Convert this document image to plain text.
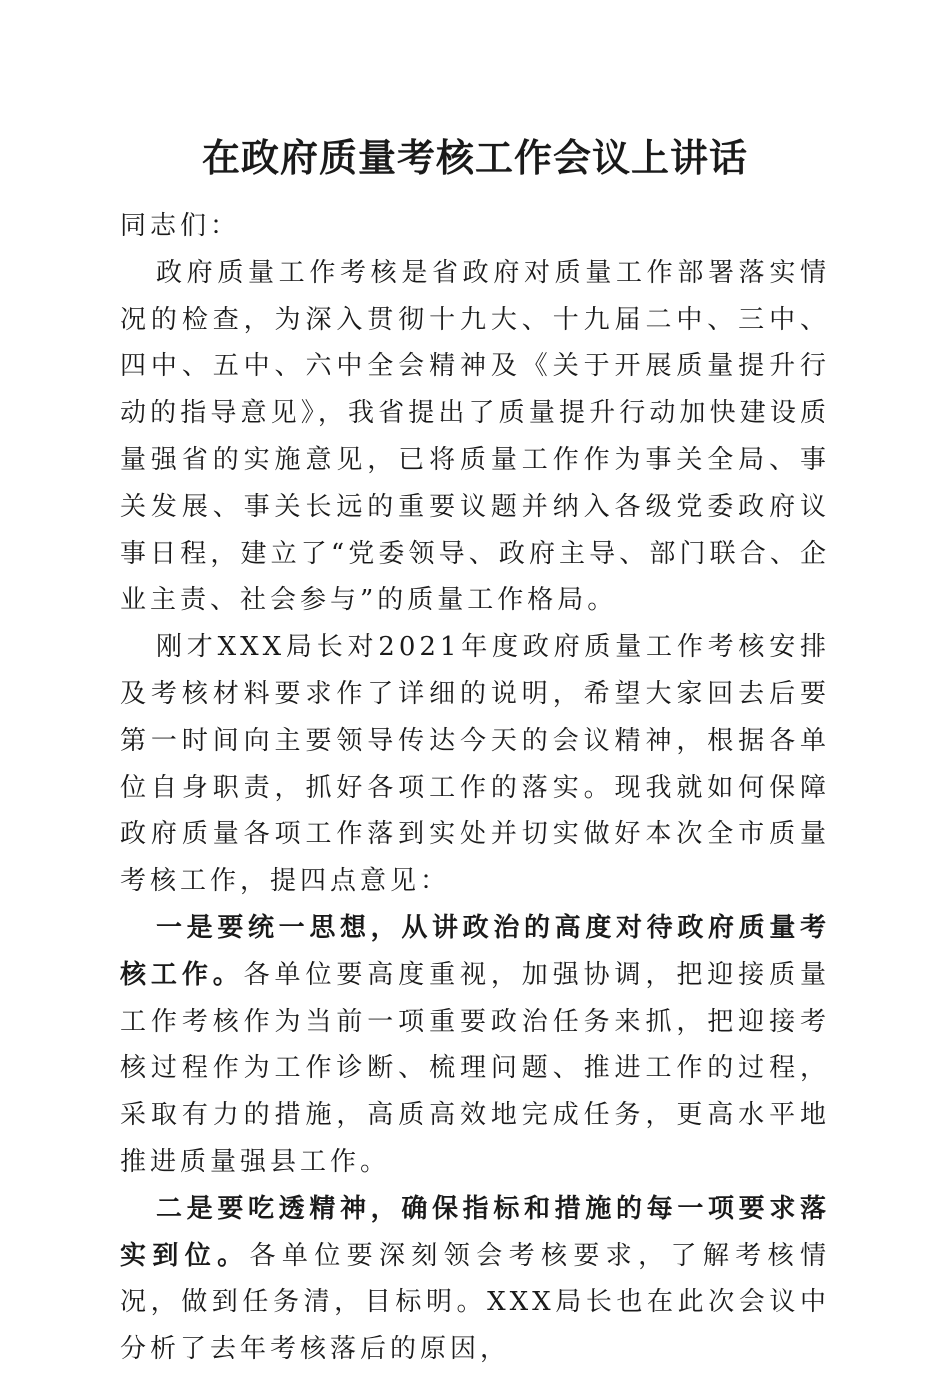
在政府质量考核工作会议上讲话

同志们：

政府质量工作考核是省政府对质量工作部署落实情况的检查，为深入贯彻十九大、十九届二中、三中、四中、五中、六中全会精神及《关于开展质量提升行动的指导意见》，我省提出了质量提升行动加快建设质量强省的实施意见，已将质量工作作为事关全局、事关发展、事关长远的重要议题并纳入各级党委政府议事日程，建立了“党委领导、政府主导、部门联合、企业主责、社会参与”的质量工作格局。

刚才XXX局长对2021年度政府质量工作考核安排及考核材料要求作了详细的说明，希望大家回去后要第一时间向主要领导传达今天的会议精神，根据各单位自身职责，抓好各项工作的落实。现我就如何保障政府质量各项工作落到实处并切实做好本次全市质量考核工作，提四点意见：

一是要统一思想，从讲政治的高度对待政府质量考核工作。各单位要高度重视，加强协调，把迎接质量工作考核作为当前一项重要政治任务来抓，把迎接考核过程作为工作诊断、梳理问题、推进工作的过程，采取有力的措施，高质高效地完成任务，更高水平地推进质量强县工作。

二是要吃透精神，确保指标和措施的每一项要求落实到位。各单位要深刻领会考核要求，了解考核情况，做到任务清，目标明。XXX局长也在此次会议中分析了去年考核落后的原因，
